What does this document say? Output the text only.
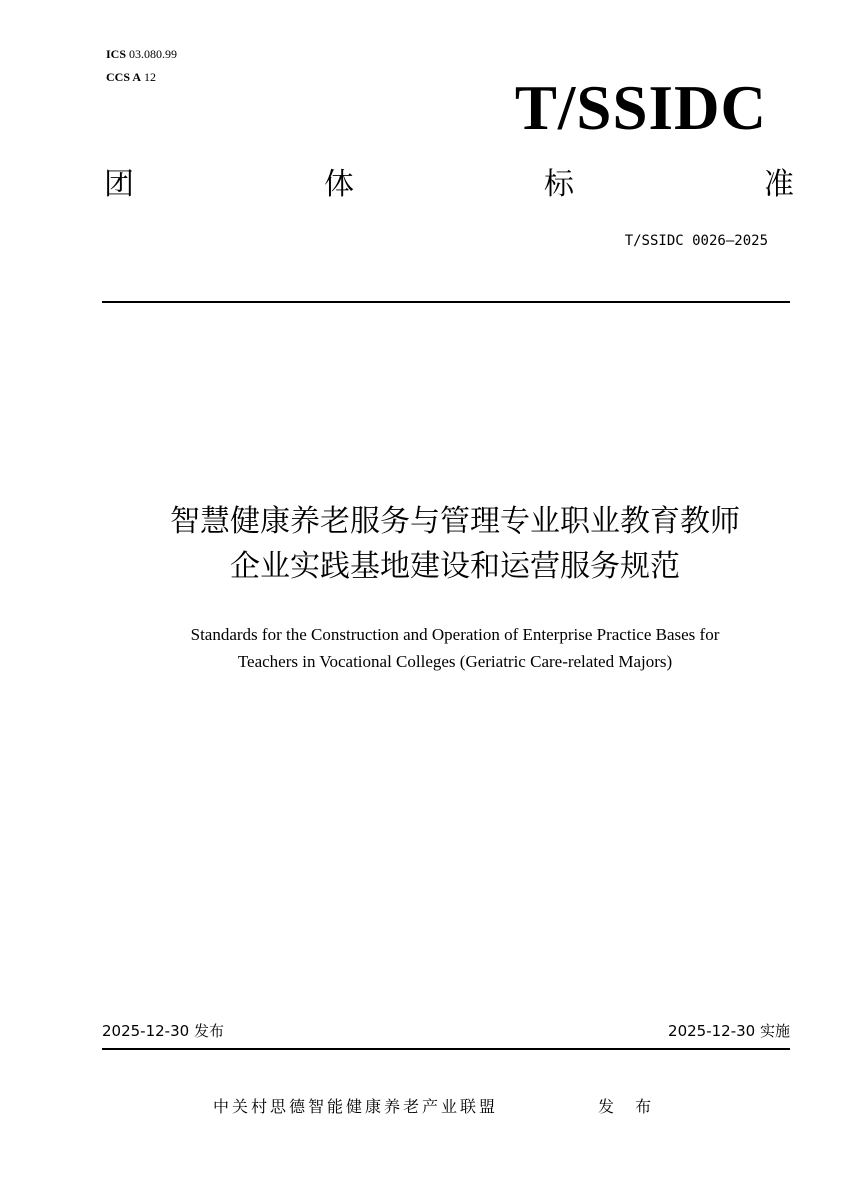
ICS 03.080.99
CCS A 12	T/SSIDC
团	体	标	准
T/SSIDC 0026—2025
智慧健康养老服务与管理专业职业教育教师
企业实践基地建设和运营服务规范
Standards for the Construction and Operation of Enterprise Practice Bases for
Teachers in Vocational Colleges (Geriatric Care-related Majors)
2025-12-30 发布	2025-12-30 实施
中关村思德智能健康养老产业联盟	发 布
